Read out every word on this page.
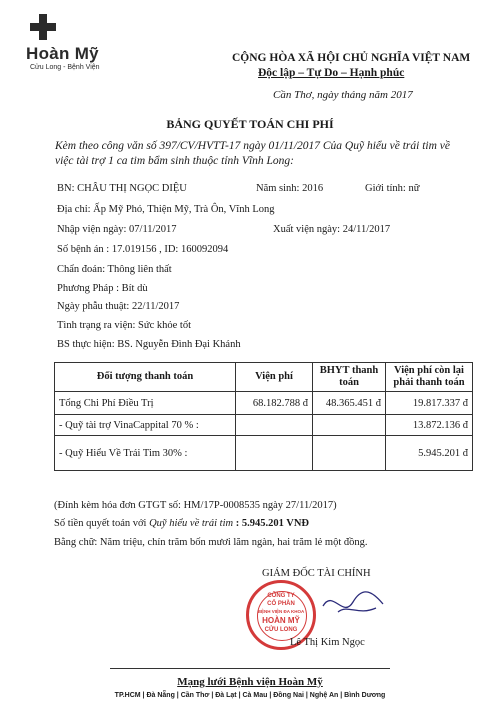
Hoàn Mỹ
Cửu Long - Bệnh Viện
CỘNG HÒA XÃ HỘI CHỦ NGHĨA VIỆT NAM
Độc lập – Tự Do – Hạnh phúc
Cần Thơ, ngày tháng năm 2017
BẢNG QUYẾT TOÁN CHI PHÍ
Kèm theo công văn số 397/CV/HVTT-17 ngày 01/11/2017 Của Quỹ hiểu về trái tim về việc tài trợ 1 ca tim bẩm sinh thuộc tỉnh Vĩnh Long:
BN: CHÂU THỊ NGỌC DIỆU	Năm sinh: 2016	Giới tính: nữ
Địa chỉ: Ấp Mỹ Phó, Thiện Mỹ, Trà Ôn, Vĩnh Long
Nhập viện ngày: 07/11/2017	Xuất viện ngày: 24/11/2017
Số bệnh án : 17.019156 , ID: 160092094
Chẩn đoán: Thông liên thất
Phương Pháp : Bít dù
Ngày phẫu thuật: 22/11/2017
Tình trạng ra viện: Sức khỏe tốt
BS thực hiện: BS. Nguyễn Đình Đại Khánh
Đối tượng thanh toán	Viện phí	BHYT thanh toán	Viện phí còn lại phải thanh toán
Tổng Chi Phí Điều Trị	68.182.788 đ	48.365.451 đ	19.817.337 đ
- Quỹ tài trợ VinaCappital 70 % :			13.872.136 đ
- Quỹ Hiểu Về Trái Tim 30% :			5.945.201 đ
(Đính kèm hóa đơn GTGT số: HM/17P-0008535 ngày 27/11/2017)
Số tiền quyết toán với Quỹ hiểu về trái tim : 5.945.201 VNĐ
Bằng chữ: Năm triệu, chín trăm bốn mươi lăm ngàn, hai trăm lẻ một đồng.
GIÁM ĐỐC TÀI CHÍNH
CÔNG TY
CỔ PHẦN
BỆNH VIỆN ĐA KHOA
HOÀN MỸ
CỬU LONG
Lê Thị Kim Ngọc
Mạng lưới Bệnh viện Hoàn Mỹ
TP.HCM | Đà Nẵng | Cần Thơ | Đà Lạt | Cà Mau | Đồng Nai | Nghệ An | Bình Dương
